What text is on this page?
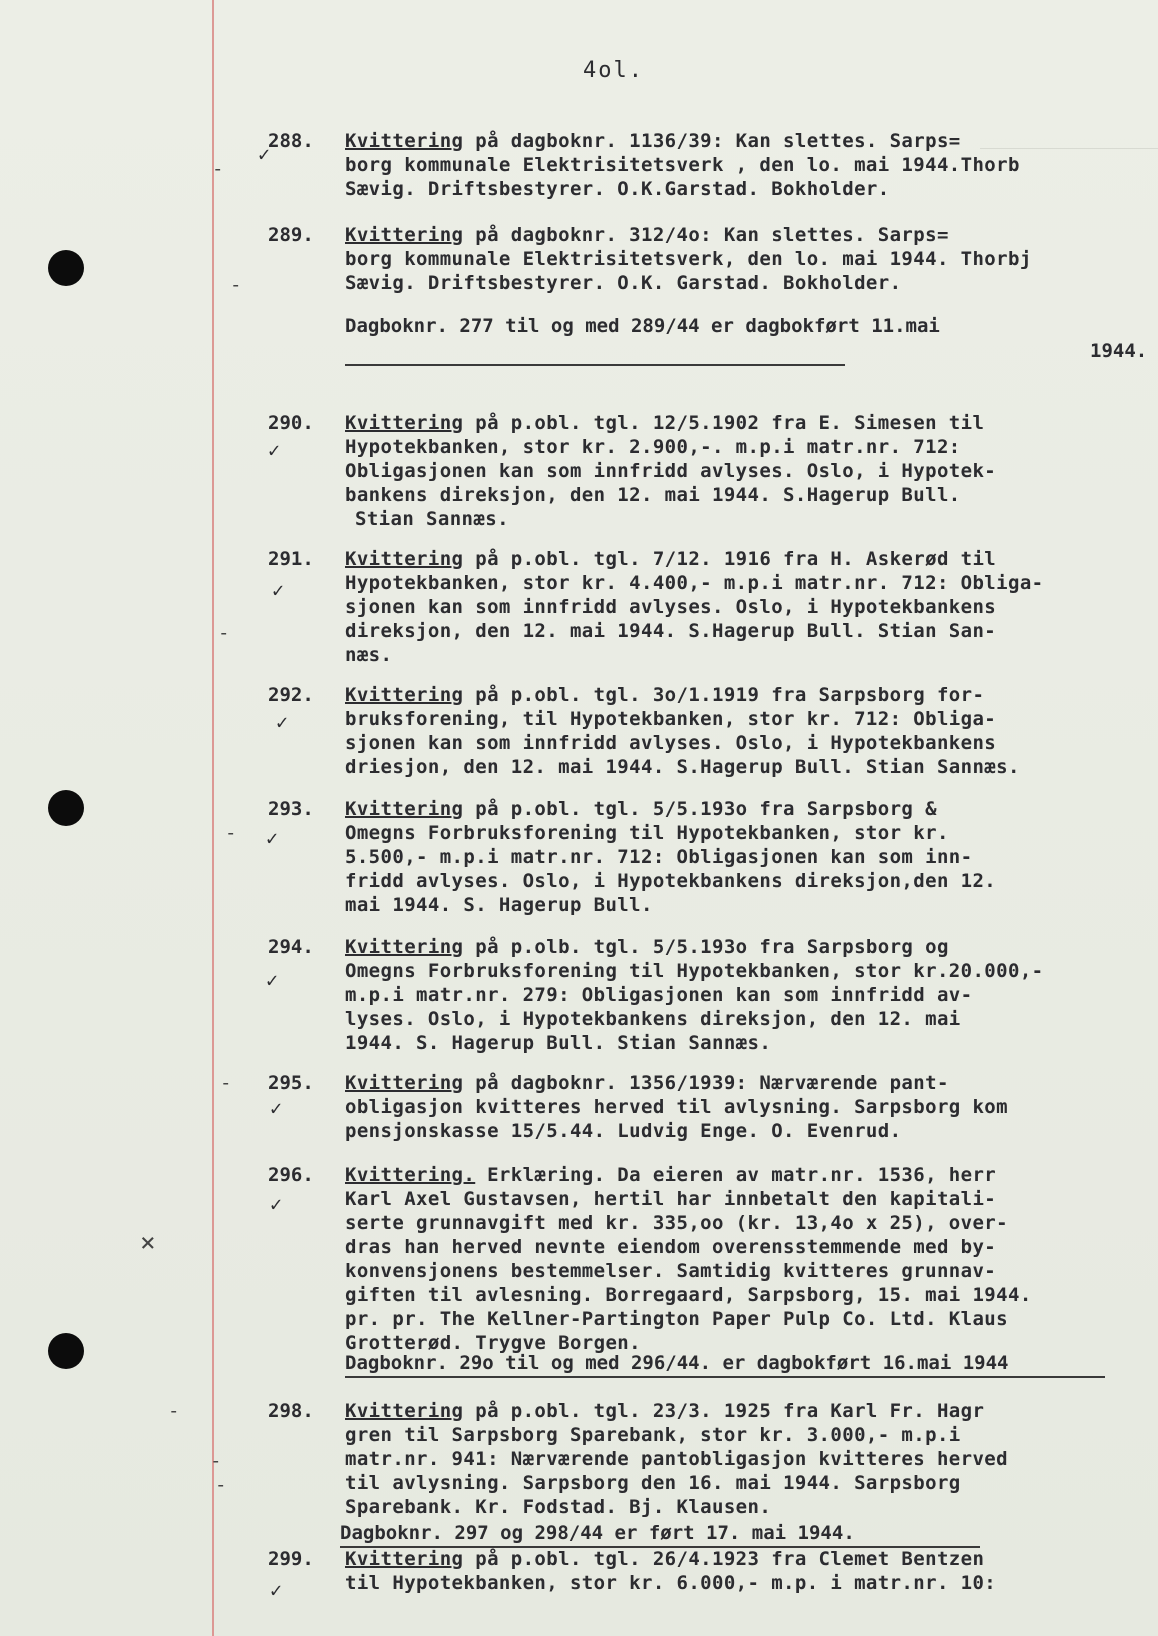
4ol.
-
✓
288. Kvittering på dagboknr. 1136/39: Kan slettes. Sarps=
borg kommunale Elektrisitetsverk , den lo. mai 1944.Thorb
Sævig. Driftsbestyrer. O.K.Garstad. Bokholder.
-
289. Kvittering på dagboknr. 312/4o: Kan slettes. Sarps=
borg kommunale Elektrisitetsverk, den lo. mai 1944. Thorbj
Sævig. Driftsbestyrer. O.K. Garstad. Bokholder.
Dagboknr. 277 til og med 289/44 er dagbokført 11.mai
1944.
✓
290. Kvittering på p.obl. tgl. 12/5.1902 fra E. Simesen til
Hypotekbanken, stor kr. 2.900,-. m.p.i matr.nr. 712:
Obligasjonen kan som innfridd avlyses. Oslo, i Hypotek-
bankens direksjon, den 12. mai 1944. S.Hagerup Bull.
Stian Sannæs.
✓
-
291. Kvittering på p.obl. tgl. 7/12. 1916 fra H. Askerød til
Hypotekbanken, stor kr. 4.400,- m.p.i matr.nr. 712: Obliga-
sjonen kan som innfridd avlyses. Oslo, i Hypotekbankens
direksjon, den 12. mai 1944. S.Hagerup Bull. Stian San-
næs.
✓
292. Kvittering på p.obl. tgl. 3o/1.1919 fra Sarpsborg for-
bruksforening, til Hypotekbanken, stor kr. 712: Obliga-
sjonen kan som innfridd avlyses. Oslo, i Hypotekbankens
driesjon, den 12. mai 1944. S.Hagerup Bull. Stian Sannæs.
- ✓
293. Kvittering på p.obl. tgl. 5/5.193o fra Sarpsborg &
Omegns Forbruksforening til Hypotekbanken, stor kr.
5.500,- m.p.i matr.nr. 712: Obligasjonen kan som inn-
fridd avlyses. Oslo, i Hypotekbankens direksjon,den 12.
mai 1944. S. Hagerup Bull.
✓
294. Kvittering på p.olb. tgl. 5/5.193o fra Sarpsborg og
Omegns Forbruksforening til Hypotekbanken, stor kr.20.000,-
m.p.i matr.nr. 279: Obligasjonen kan som innfridd av-
lyses. Oslo, i Hypotekbankens direksjon, den 12. mai
1944. S. Hagerup Bull. Stian Sannæs.
-
✓
295. Kvittering på dagboknr. 1356/1939: Nærværende pant-
obligasjon kvitteres herved til avlysning. Sarpsborg kom
pensjonskasse 15/5.44. Ludvig Enge. O. Evenrud.
✓
×
296. Kvittering. Erklæring. Da eieren av matr.nr. 1536, herr
Karl Axel Gustavsen, hertil har innbetalt den kapitali-
serte grunnavgift med kr. 335,oo (kr. 13,4o x 25), over-
dras han herved nevnte eiendom overensstemmende med by-
konvensjonens bestemmelser. Samtidig kvitteres grunnav-
giften til avlesning. Borregaard, Sarpsborg, 15. mai 1944.
pr. pr. The Kellner-Partington Paper Pulp Co. Ltd. Klaus
Grotterød. Trygve Borgen.
Dagboknr. 29o til og med 296/44. er dagbokført 16.mai 1944
-
-
-
298. Kvittering på p.obl. tgl. 23/3. 1925 fra Karl Fr. Hagr
gren til Sarpsborg Sparebank, stor kr. 3.000,- m.p.i
matr.nr. 941: Nærværende pantobligasjon kvitteres herved
til avlysning. Sarpsborg den 16. mai 1944. Sarpsborg
Sparebank. Kr. Fodstad. Bj. Klausen.
Dagboknr. 297 og 298/44 er ført 17. mai 1944.
✓
299. Kvittering på p.obl. tgl. 26/4.1923 fra Clemet Bentzen
til Hypotekbanken, stor kr. 6.000,- m.p. i matr.nr. 10:
